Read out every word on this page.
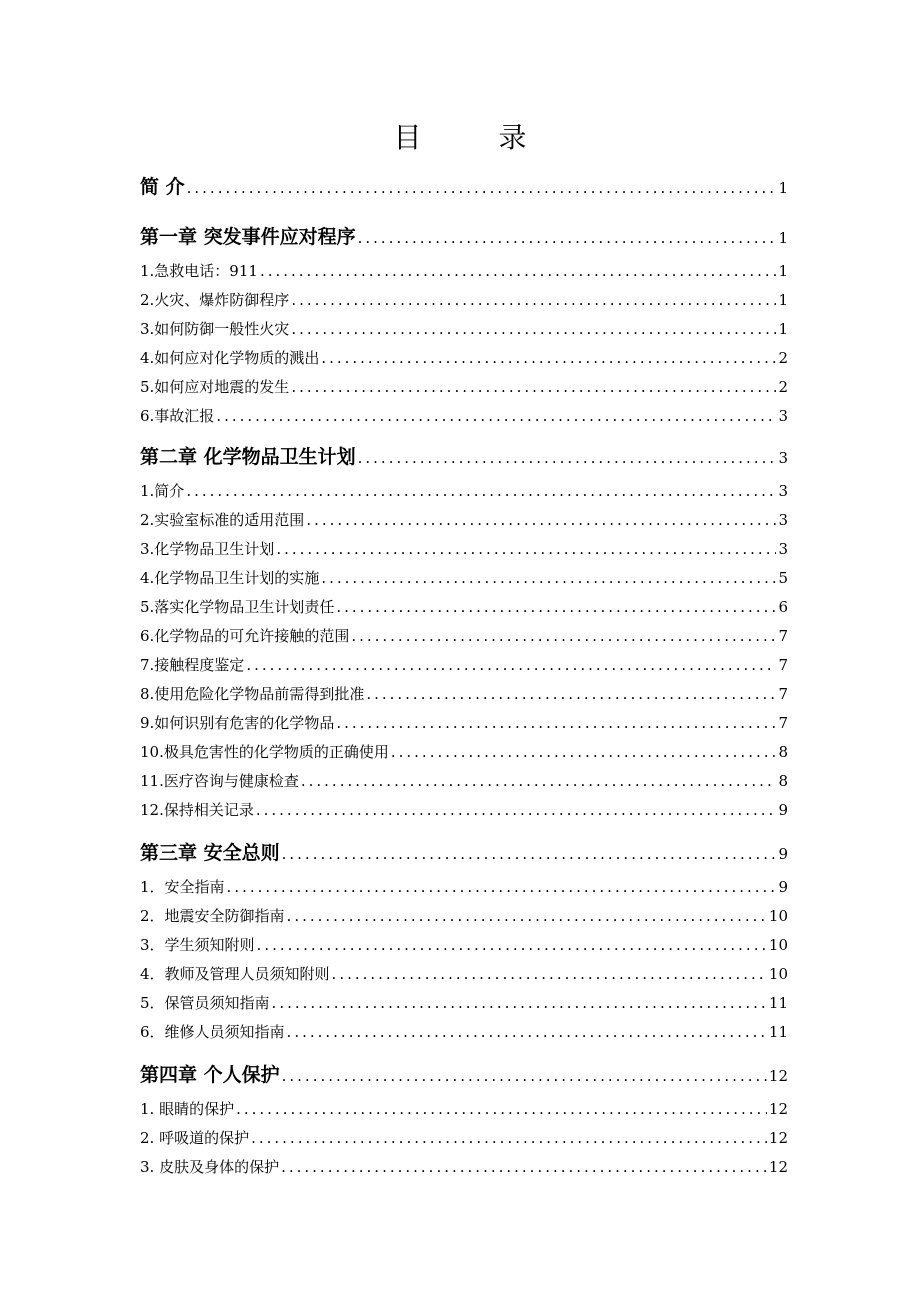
目 录
简 介 .....	1
第一章 突发事件应对程序 .....	1
1.急救电话：911 .....	1
2.火灾、爆炸防御程序 .....	1
3.如何防御一般性火灾 .....	1
4.如何应对化学物质的溅出 .....	2
5.如何应对地震的发生 .....	2
6.事故汇报 .....	3
第二章 化学物品卫生计划 .....	3
1.简介 .....	3
2.实验室标准的适用范围 .....	3
3.化学物品卫生计划 .....	3
4.化学物品卫生计划的实施 .....	5
5.落实化学物品卫生计划责任 .....	6
6.化学物品的可允许接触的范围 .....	7
7.接触程度鉴定 .....	7
8.使用危险化学物品前需得到批准 .....	7
9.如何识别有危害的化学物品 .....	7
10.极具危害性的化学物质的正确使用 .....	8
11.医疗咨询与健康检查 .....	8
12.保持相关记录 .....	9
第三章 安全总则 .....	9
1．安全指南 .....	9
2．地震安全防御指南 .....	10
3．学生须知附则 .....	10
4．教师及管理人员须知附则 .....	10
5．保管员须知指南 .....	11
6．维修人员须知指南 .....	11
第四章 个人保护 .....	12
1. 眼睛的保护 .....	12
2. 呼吸道的保护 .....	12
3. 皮肤及身体的保护 .....	12
